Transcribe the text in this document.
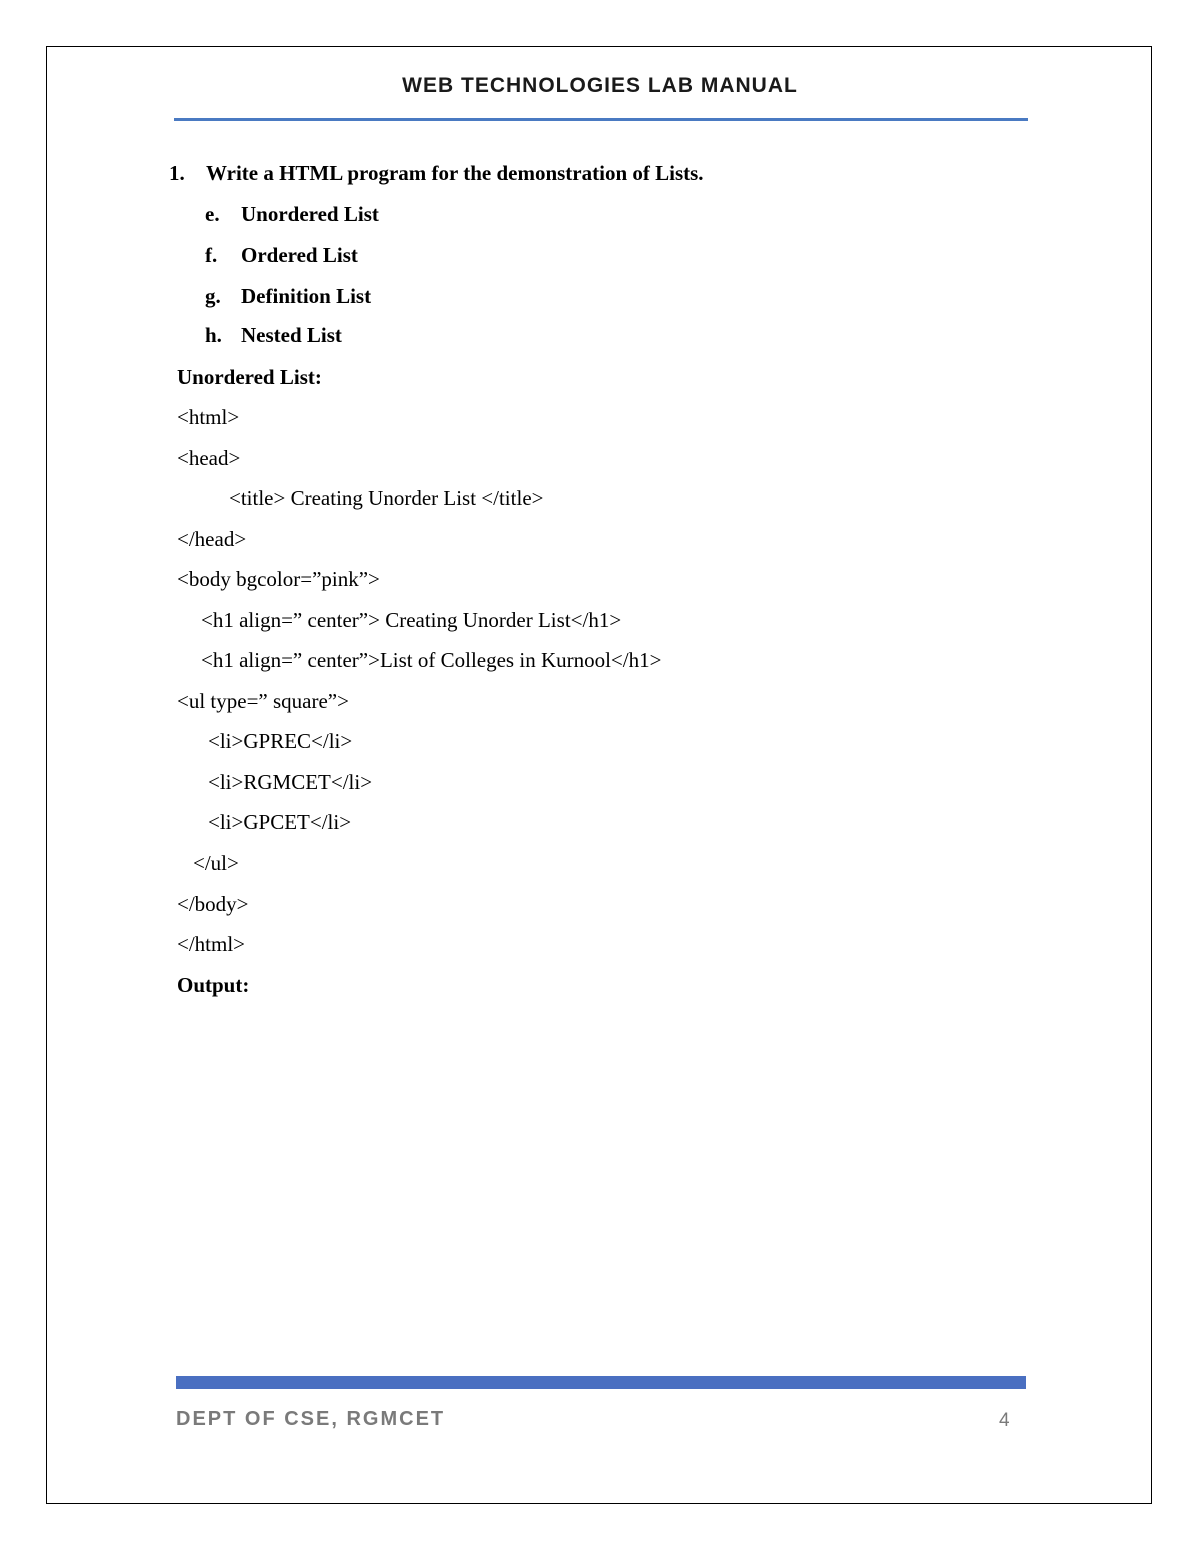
WEB TECHNOLOGIES LAB MANUAL
1. Write a HTML program for the demonstration of Lists.
e. Unordered List
f. Ordered List
g. Definition List
h. Nested List
Unordered List:
<html>
<head>
<title> Creating Unorder List </title>
</head>
<body bgcolor=”pink”>
<h1 align=” center”> Creating Unorder List</h1>
<h1 align=” center”>List of Colleges in Kurnool</h1>
<ul type=” square”>
<li>GPREC</li>
<li>RGMCET</li>
<li>GPCET</li>
</ul>
</body>
</html>
Output:
DEPT OF CSE, RGMCET	4
